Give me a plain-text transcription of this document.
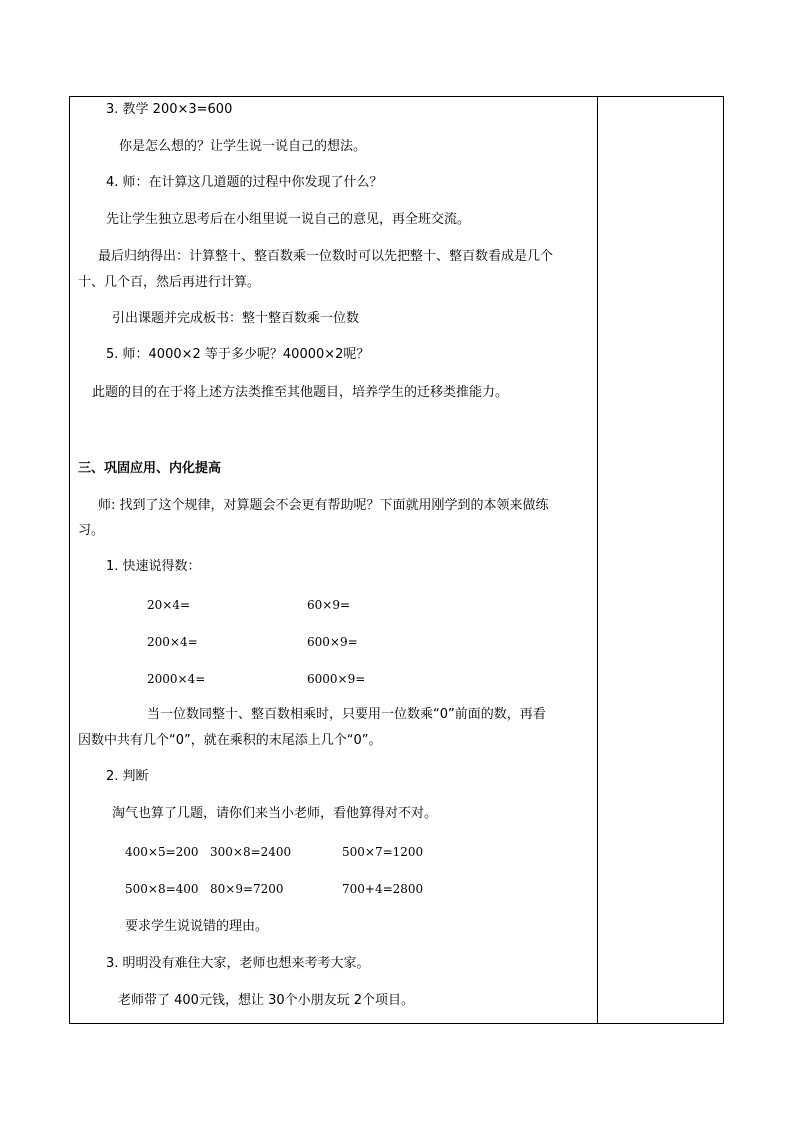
3. 教学 200×3=600
你是怎么想的？让学生说一说自己的想法。
4. 师：在计算这几道题的过程中你发现了什么？
先让学生独立思考后在小组里说一说自己的意见，再全班交流。
最后归纳得出：计算整十、整百数乘一位数时可以先把整十、整百数看成是几个
十、几个百，然后再进行计算。
引出课题并完成板书：整十整百数乘一位数
5. 师：4000×2 等于多少呢？40000×2呢？
此题的目的在于将上述方法类推至其他题目，培养学生的迁移类推能力。
三、巩固应用、内化提高
师: 找到了这个规律，对算题会不会更有帮助呢？下面就用刚学到的本领来做练
习。
1. 快速说得数：
20×4=	60×9=
200×4=	600×9=
2000×4=	6000×9=
当一位数同整十、整百数相乘时，只要用一位数乘“0”前面的数，再看
因数中共有几个“0”，就在乘积的末尾添上几个“0”。
2. 判断
淘气也算了几题，请你们来当小老师，看他算得对不对。
400×5=200 300×8=2400	500×7=1200
500×8=400 80×9=7200	700+4=2800
要求学生说说错的理由。
3. 明明没有难住大家，老师也想来考考大家。
老师带了 400元钱，想让 30个小朋友玩 2个项目。
